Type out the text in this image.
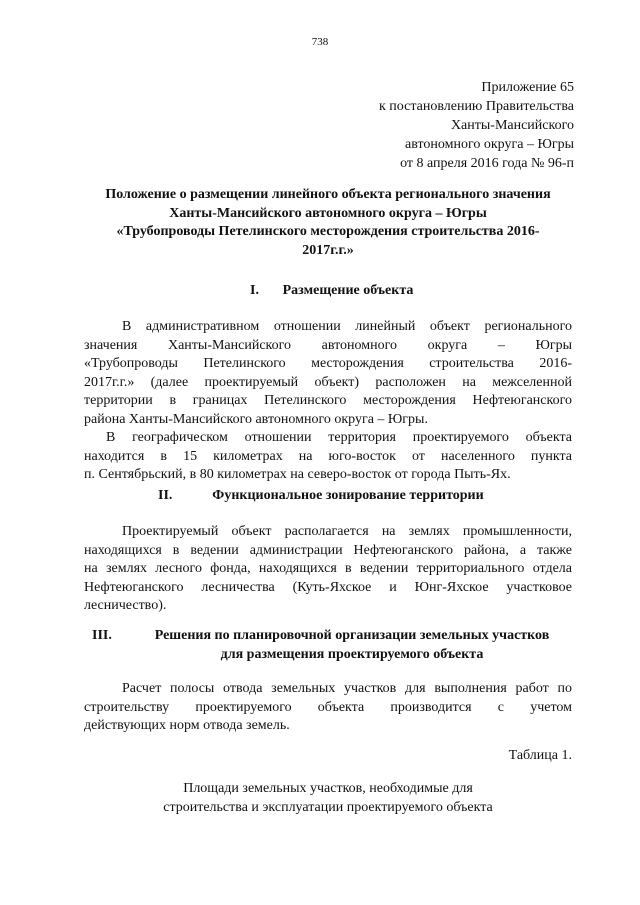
738
Приложение 65
к постановлению Правительства
Ханты-Мансийского
автономного округа – Югры
от 8 апреля 2016 года № 96-п
Положение о размещении линейного объекта регионального значения
Ханты-Мансийского автономного округа – Югры
«Трубопроводы Петелинского месторождения строительства 2016-
2017г.г.»
I.	Размещение объекта
В административном отношении линейный объект регионального
значения Ханты-Мансийского автономного округа – Югры
«Трубопроводы Петелинского месторождения строительства 2016-
2017г.г.» (далее проектируемый объект) расположен на межселенной
территории в границах Петелинского месторождения Нефтеюганского
района Ханты-Мансийского автономного округа – Югры.
В географическом отношении территория проектируемого объекта
находится в 15 километрах на юго-восток от населенного пункта
п. Сентябрьский, в 80 километрах на северо-восток от города Пыть-Ях.
II.	Функциональное зонирование территории
Проектируемый объект располагается на землях промышленности,
находящихся в ведении администрации Нефтеюганского района, а также
на землях лесного фонда, находящихся в ведении территориального отдела
Нефтеюганского лесничества (Куть-Яхское и Юнг-Яхское участковое
лесничество).
III.	Решения по планировочной организации земельных участков
для размещения проектируемого объекта
Расчет полосы отвода земельных участков для выполнения работ по
строительству проектируемого объекта производится с учетом
действующих норм отвода земель.
Таблица 1.
Площади земельных участков, необходимые для
строительства и эксплуатации проектируемого объекта
